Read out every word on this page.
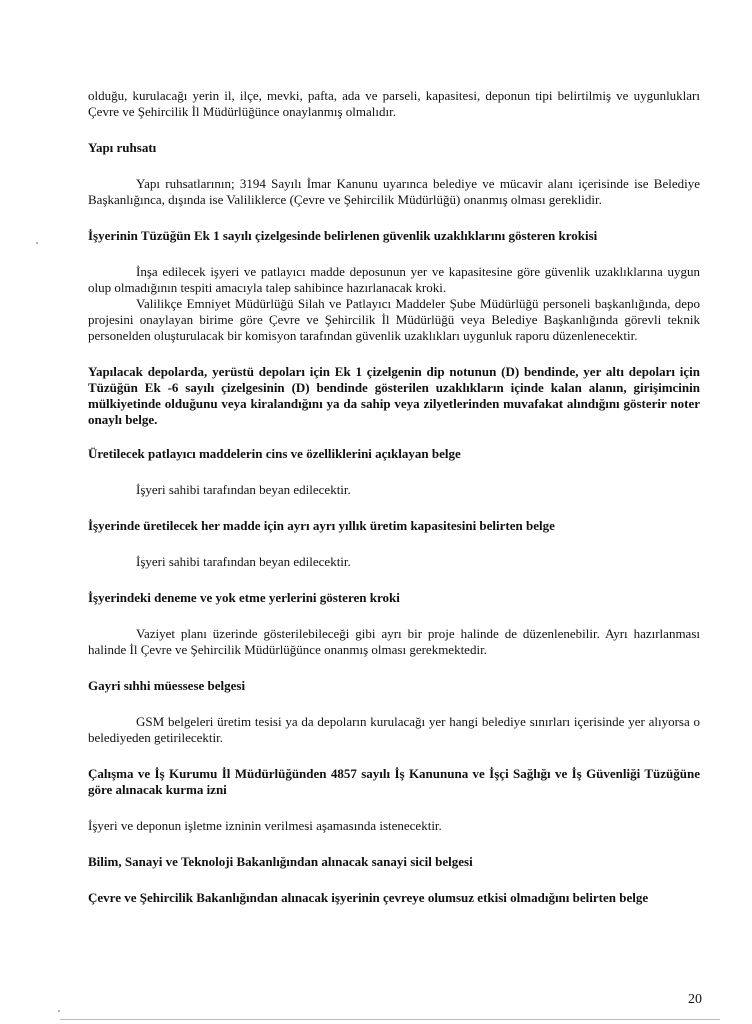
olduğu, kurulacağı yerin il, ilçe, mevki, pafta, ada ve parseli, kapasitesi, deponun tipi belirtilmiş ve uygunlukları Çevre ve Şehircilik İl Müdürlüğünce onaylanmış olmalıdır.

Yapı ruhsatı

Yapı ruhsatlarının; 3194 Sayılı İmar Kanunu uyarınca belediye ve mücavir alanı içerisinde ise Belediye Başkanlığınca, dışında ise Valiliklerce (Çevre ve Şehircilik Müdürlüğü) onanmış olması gereklidir.

İşyerinin Tüzüğün Ek 1 sayılı çizelgesinde belirlenen güvenlik uzaklıklarını gösteren krokisi

İnşa edilecek işyeri ve patlayıcı madde deposunun yer ve kapasitesine göre güvenlik uzaklıklarına uygun olup olmadığının tespiti amacıyla talep sahibince hazırlanacak kroki.

Valilikçe Emniyet Müdürlüğü Silah ve Patlayıcı Maddeler Şube Müdürlüğü personeli başkanlığında, depo projesini onaylayan birime göre Çevre ve Şehircilik İl Müdürlüğü veya Belediye Başkanlığında görevli teknik personelden oluşturulacak bir komisyon tarafından güvenlik uzaklıkları uygunluk raporu düzenlenecektir.

Yapılacak depolarda, yerüstü depoları için Ek 1 çizelgenin dip notunun (D) bendinde, yer altı depoları için Tüzüğün Ek -6 sayılı çizelgesinin (D) bendinde gösterilen uzaklıkların içinde kalan alanın, girişimcinin mülkiyetinde olduğunu veya kiralandığını ya da sahip veya zilyetlerinden muvafakat alındığını gösterir noter onaylı belge.

Üretilecek patlayıcı maddelerin cins ve özelliklerini açıklayan belge

İşyeri sahibi tarafından beyan edilecektir.

İşyerinde üretilecek her madde için ayrı ayrı yıllık üretim kapasitesini belirten belge

İşyeri sahibi tarafından beyan edilecektir.

İşyerindeki deneme ve yok etme yerlerini gösteren kroki

Vaziyet planı üzerinde gösterilebileceği gibi ayrı bir proje halinde de düzenlenebilir. Ayrı hazırlanması halinde İl Çevre ve Şehircilik Müdürlüğünce onanmış olması gerekmektedir.

Gayri sıhhi müessese belgesi

GSM belgeleri üretim tesisi ya da depoların kurulacağı yer hangi belediye sınırları içerisinde yer alıyorsa o belediyeden getirilecektir.

Çalışma ve İş Kurumu İl Müdürlüğünden 4857 sayılı İş Kanununa ve İşçi Sağlığı ve İş Güvenliği Tüzüğüne göre alınacak kurma izni

İşyeri ve deponun işletme izninin verilmesi aşamasında istenecektir.

Bilim, Sanayi ve Teknoloji Bakanlığından alınacak sanayi sicil belgesi

Çevre ve Şehircilik Bakanlığından alınacak işyerinin çevreye olumsuz etkisi olmadığını belirten belge

20
